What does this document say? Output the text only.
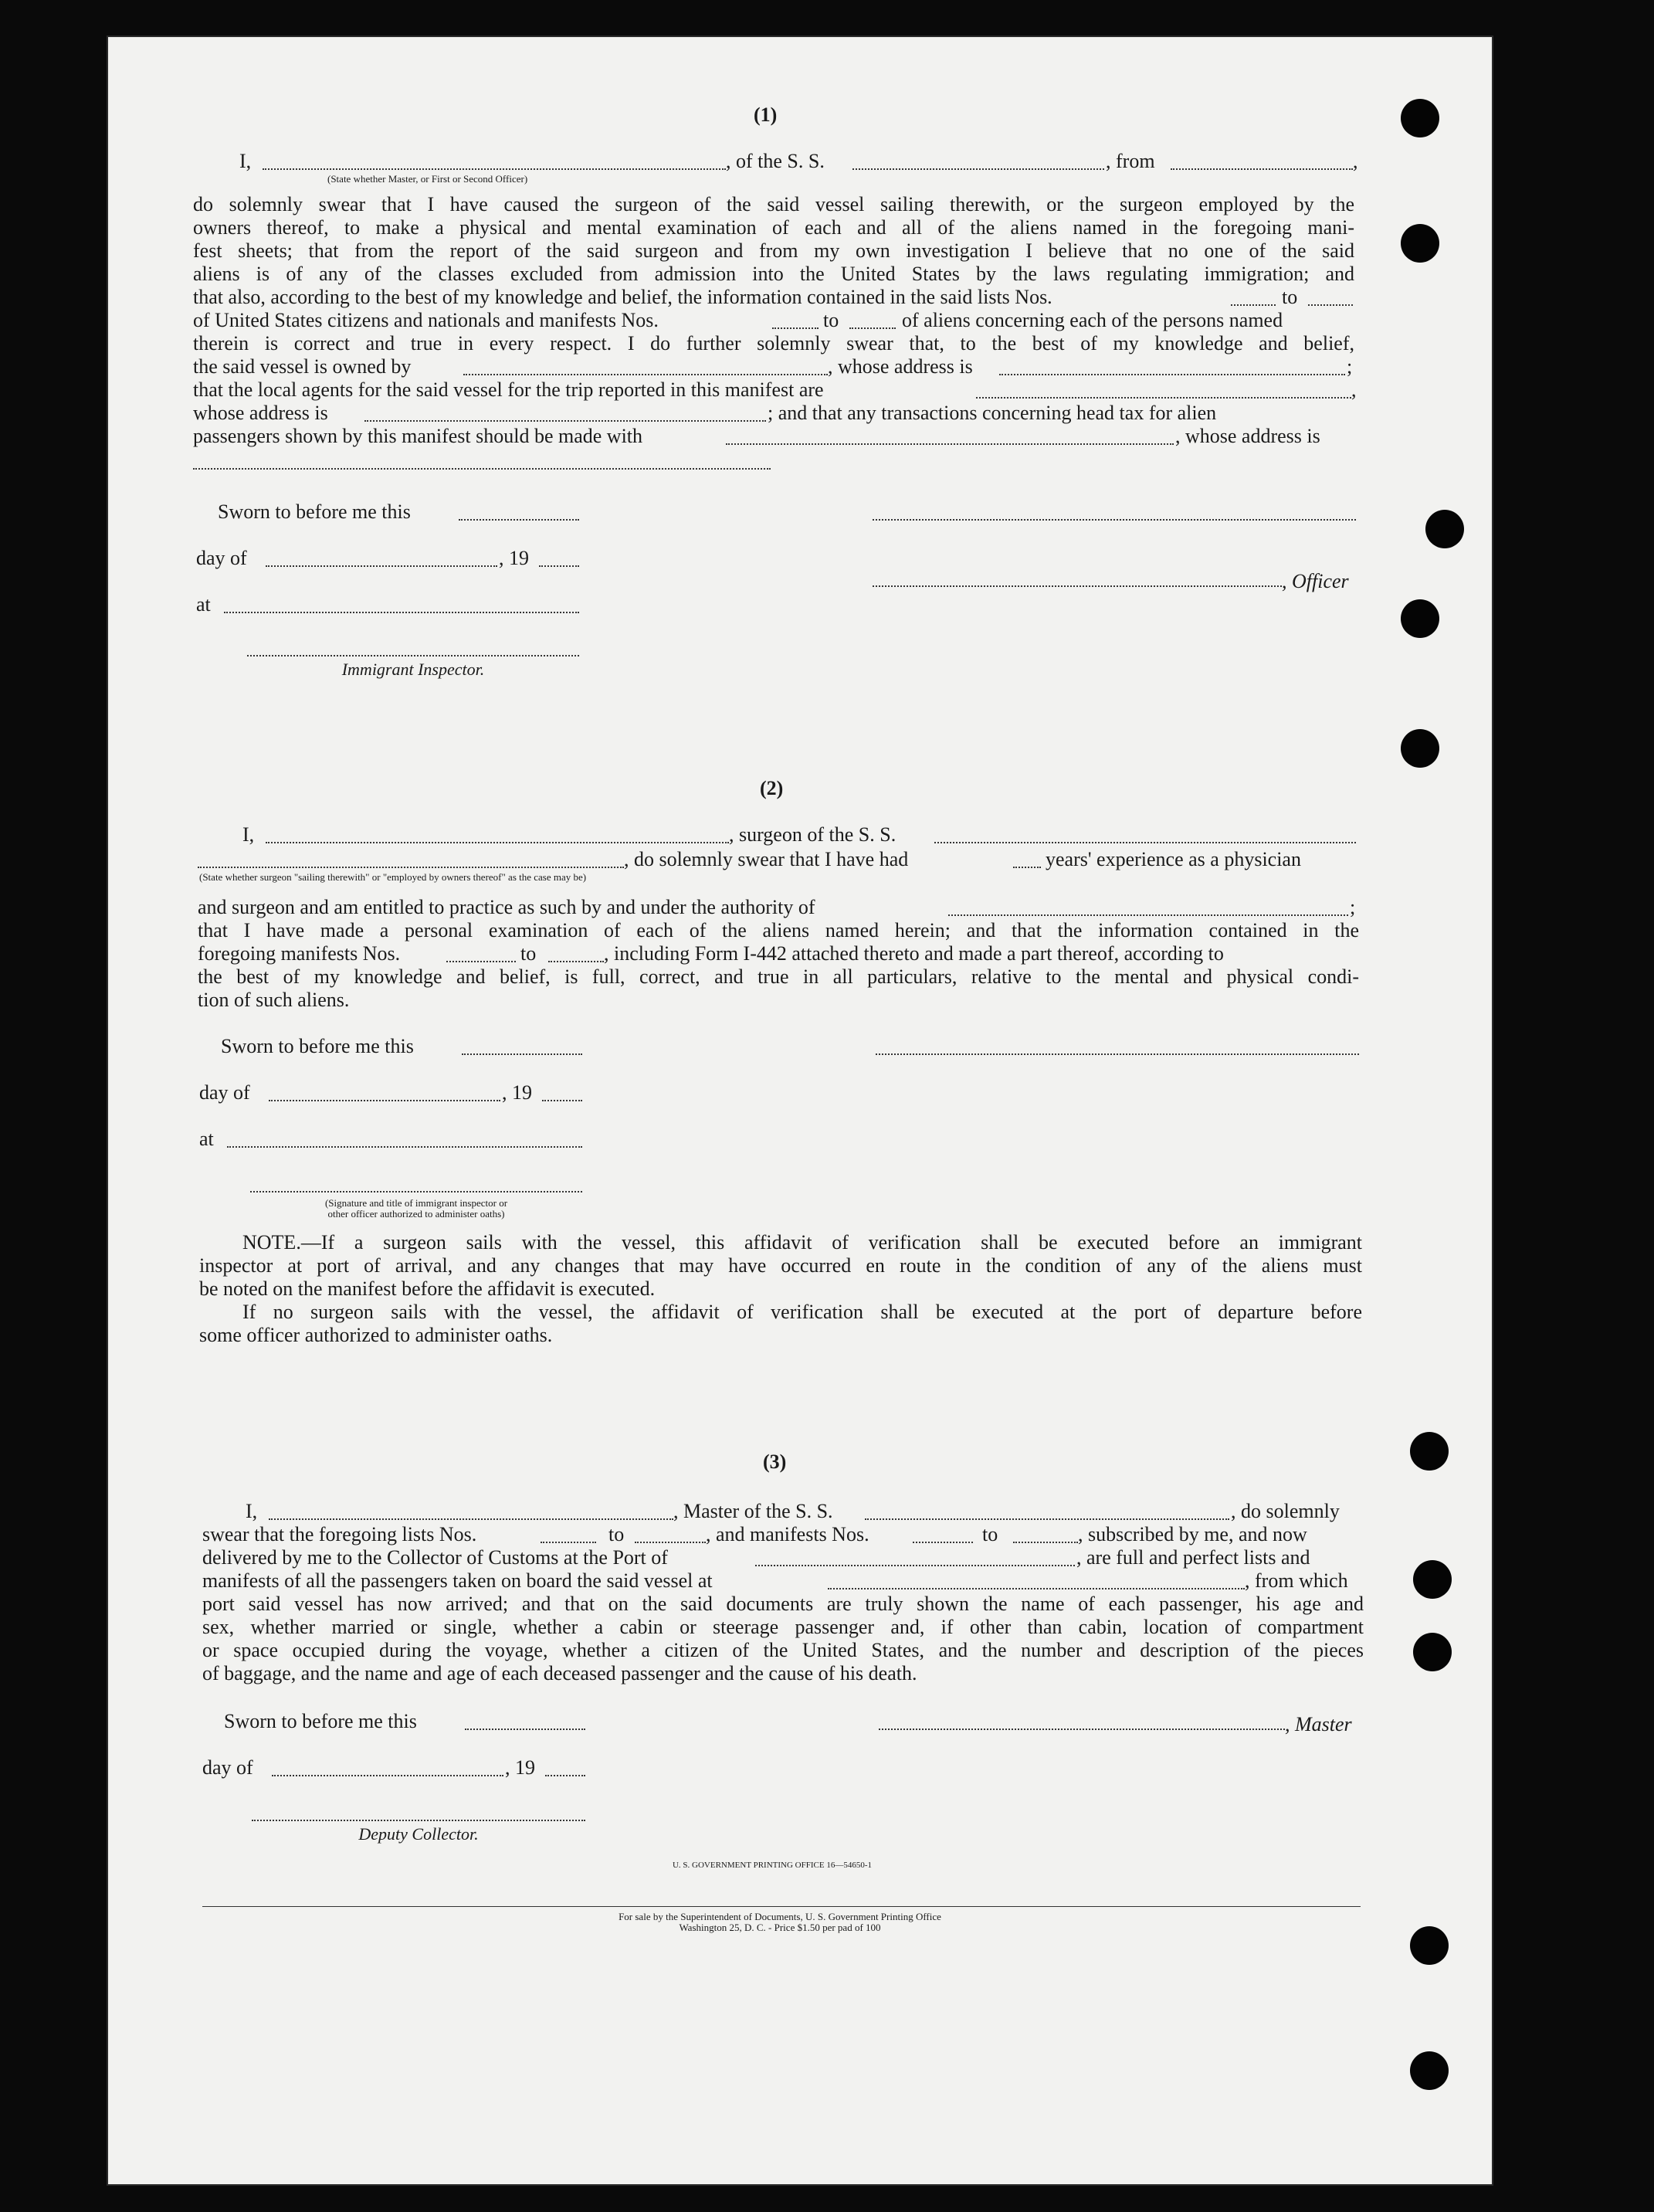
(1)
I,	, of the S. S.	, from	,
(State whether Master, or First or Second Officer)
do solemnly swear that I have caused the surgeon of the said vessel sailing therewith, or the surgeon employed by the
owners thereof, to make a physical and mental examination of each and all of the aliens named in the foregoing mani-
fest sheets; that from the report of the said surgeon and from my own investigation I believe that no one of the said
aliens is of any of the classes excluded from admission into the United States by the laws regulating immigration; and
that also, according to the best of my knowledge and belief, the information contained in the said lists Nos.	to
of United States citizens and nationals and manifests Nos.	to	of aliens concerning each of the persons named
therein is correct and true in every respect. I do further solemnly swear that, to the best of my knowledge and belief,
the said vessel is owned by	, whose address is	;
that the local agents for the said vessel for the trip reported in this manifest are	,
whose address is	; and that any transactions concerning head tax for alien
passengers shown by this manifest should be made with	, whose address is
Sworn to before me this
day of	, 19
, Officer
at
Immigrant Inspector.
(2)
I,	, surgeon of the S. S.
, do solemnly swear that I have had	years' experience as a physician
(State whether surgeon "sailing therewith" or "employed by owners thereof" as the case may be)
and surgeon and am entitled to practice as such by and under the authority of	;
that I have made a personal examination of each of the aliens named herein; and that the information contained in the
foregoing manifests Nos.	to	, including Form I-442 attached thereto and made a part thereof, according to
the best of my knowledge and belief, is full, correct, and true in all particulars, relative to the mental and physical condi-
tion of such aliens.
Sworn to before me this
day of	, 19
at
(Signature and title of immigrant inspector or
other officer authorized to administer oaths)
NOTE.—If a surgeon sails with the vessel, this affidavit of verification shall be executed before an immigrant
inspector at port of arrival, and any changes that may have occurred en route in the condition of any of the aliens must
be noted on the manifest before the affidavit is executed.
If no surgeon sails with the vessel, the affidavit of verification shall be executed at the port of departure before
some officer authorized to administer oaths.
(3)
I,	, Master of the S. S.	, do solemnly
swear that the foregoing lists Nos.	to	, and manifests Nos.	to	, subscribed by me, and now
delivered by me to the Collector of Customs at the Port of	, are full and perfect lists and
manifests of all the passengers taken on board the said vessel at	, from which
port said vessel has now arrived; and that on the said documents are truly shown the name of each passenger, his age and
sex, whether married or single, whether a cabin or steerage passenger and, if other than cabin, location of compartment
or space occupied during the voyage, whether a citizen of the United States, and the number and description of the pieces
of baggage, and the name and age of each deceased passenger and the cause of his death.
Sworn to before me this	, Master
day of	, 19
Deputy Collector.
U. S. GOVERNMENT PRINTING OFFICE 16—54650-1
For sale by the Superintendent of Documents, U. S. Government Printing Office
Washington 25, D. C. - Price $1.50 per pad of 100
